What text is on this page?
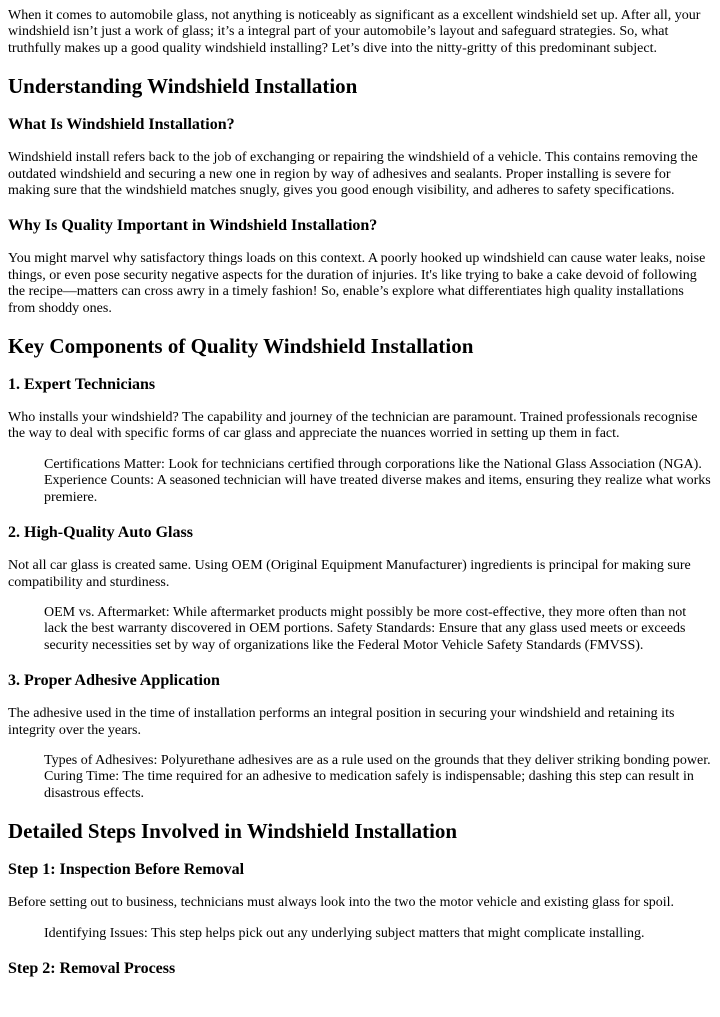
When it comes to automobile glass, not anything is noticeably as significant as a excellent windshield set up. After all, your windshield isn’t just a work of glass; it’s a integral part of your automobile’s layout and safeguard strategies. So, what truthfully makes up a good quality windshield installing? Let’s dive into the nitty-gritty of this predominant subject.

Understanding Windshield Installation
What Is Windshield Installation?

Windshield install refers back to the job of exchanging or repairing the windshield of a vehicle. This contains removing the outdated windshield and securing a new one in region by way of adhesives and sealants. Proper installing is severe for making sure that the windshield matches snugly, gives you good enough visibility, and adheres to safety specifications.

Why Is Quality Important in Windshield Installation?

You might marvel why satisfactory things loads on this context. A poorly hooked up windshield can cause water leaks, noise things, or even pose security negative aspects for the duration of injuries. It's like trying to bake a cake devoid of following the recipe—matters can cross awry in a timely fashion! So, enable’s explore what differentiates high quality installations from shoddy ones.

Key Components of Quality Windshield Installation
1. Expert Technicians

Who installs your windshield? The capability and journey of the technician are paramount. Trained professionals recognise the way to deal with specific forms of car glass and appreciate the nuances worried in setting up them in fact.

Certifications Matter: Look for technicians certified through corporations like the National Glass Association (NGA). Experience Counts: A seasoned technician will have treated diverse makes and items, ensuring they realize what works premiere.
2. High-Quality Auto Glass

Not all car glass is created same. Using OEM (Original Equipment Manufacturer) ingredients is principal for making sure compatibility and sturdiness.

OEM vs. Aftermarket: While aftermarket products might possibly be more cost-effective, they more often than not lack the best warranty discovered in OEM portions. Safety Standards: Ensure that any glass used meets or exceeds security necessities set by way of organizations like the Federal Motor Vehicle Safety Standards (FMVSS).
3. Proper Adhesive Application

The adhesive used in the time of installation performs an integral position in securing your windshield and retaining its integrity over the years.

Types of Adhesives: Polyurethane adhesives are as a rule used on the grounds that they deliver striking bonding power. Curing Time: The time required for an adhesive to medication safely is indispensable; dashing this step can result in disastrous effects.
Detailed Steps Involved in Windshield Installation
Step 1: Inspection Before Removal

Before setting out to business, technicians must always look into the two the motor vehicle and existing glass for spoil.

Identifying Issues: This step helps pick out any underlying subject matters that might complicate installing.
Step 2: Removal Process
